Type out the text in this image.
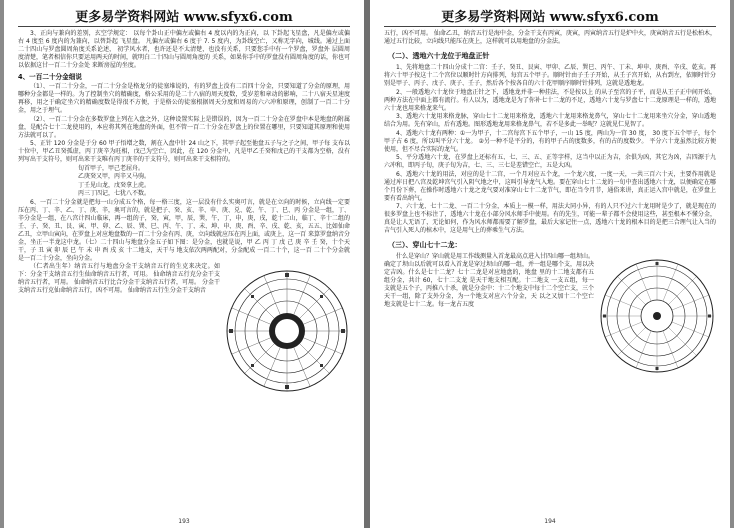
更多易学资料网站 www.sfyx6.com

3、正向与兼向的差别，玄空学规定： 以每个卦山正中偏左或偏右 4 度以内的为正向，以 下卦起飞星盘，凡是偏左或偏右 4 度至 6 度内的为兼向，以替卦起 飞星盘。 凡偏左或偏右 6 度于 7. 5 度内，为卦线空亡，又称无字向，城线。通过上面二十四山与罗盘圆周角度关系论述， 初学风水者，也许还是不太清楚，也没有关系，只要您手中有一个罗盘，罗盘外 层圆周度清楚，笔者相信你只要运用两天的时间，就明白二十四山与圆周角度的 关系，如果你手中的罗盘没有圆周角度的话，你也可以依据这甘一百二十分金处 来断房屋的坐度。

4、一百二十分金细说

（1）、一百二十分金，一百二十分金是格龙分的徒塞堆说的，有的罗盘上没有二百四十分金，只要知道了分金的原理，用哪种分金都是一样的。为了控制坐穴的精确度，格公采用的是二十八宿的周天度数，受岁差和章动的影响，二十八宿天星速度再移，用之于确定坐穴的精确度数是得很不方便，于是格公的徒塞根据周天分度和周易的六六冲和原理，创制了一百二十分金，用之于埋气。

（2）、一百二十分金在多数罗盘上列在入盘之外，这种设置实际上是错误的，因为一百二十分金在罗盘中本是地盘的附属盘，是配合七十二龙使用的，本应将其列在地盘的外面，但不管一百二十分金在罗盘上的位置在哪里，只要知道其原理和使用方法就可以了。

5、正针 120 分金是于分 60 甲子悟增之数，割在入盘中针 24 山之下，其甲子起至他盘五子与之子之间，甲子每 支布以十位中，甲乙丑癸孤虚，丙丁庚辛为旺相，戊己为空亡，因此，在 120 分金中，凡是甲乙壬癸和戊己的干支都为空格，没有列写出干支符号，则可出来干支唯有丙丁庚辛的干支符号，则可出来干支相符的。

旬首甲子，甲己老屈舟。

乙庚癸又甲，丙辛又马驹。

丁壬见山龙，戊癸拿上虎。

丙三丁四记，七犹八不数。

6、一百二十分金就是把每一山分成五个格，每一格三度，这一层没有什么实奥可言，就是在立向的时候，立向线一定要压在丙、丁、辛、乙、丁、庚、辛，奥可言的，就是把子、癸、亥、辛、申、庚、兑、乾、午、丁、巳、丙 分金是一组，丁、辛分金是一组，在八宫计四山临床，再一组的子，癸，寅，甲，辰，巽，午，丁，申，庚，戌，乾十二山，临丁、辛十二组的壬、子、癸、丑、艮、寅、甲、卯、乙、辰、巽、巳、丙、午、丁、未、坤、申、庚、酉、辛、戌、乾、亥，五五、比如仙命乙丑，立甲山寅向，在罗盘上对应地盘数的一百二十分金有丙、庚，立向线就应压在丙上面，或庚上，这一百 来算罗盘纳音分金，坐正一半龙这中龙。（七）二十四山与地盘分金五子如下图：是分金，也就是说，甲 乙 丙 丁 戊 己 庚 辛 壬 癸，十个天干，子 丑 寅 卯 辰 巳 午 未 申 酉 戌 亥 十二地支，天干与 地支依次两两配对，分金配成 一百二十个，这一百 二十个分金就是一百二十分金，坐向分金。

（仁者出生年）纳音五行与地盘分金干支纳音五行的生克来决定。如下：分金干支纳音五行生仙命纳音五行者，可用。 仙命纳音五行克分金干支纳音五行者，可用。 仙命纳音五行比合分金干支纳音五行者，可用。 分金干支纳音五行克仙命纳音五行，凶不可用。 仙命纳音五行生分金干支纳音

193
更多易学资料网站 www.sfyx6.com

五行，凶不可用。 仙命乙丑，纳音五行是海中金，分金干支有丙寅，庚寅，丙寅纳音五行是炉中火，庚寅纳音五行是松柏木，通过五行比较，立向线只能压在庚上，这样就可以用地盘的分金法。

（二）、透地六十龙位于地盘正针

1、先将地盘二十四山分成十二宫：壬子、癸丑、艮寅、甲卯、乙辰、巽巳、丙午、丁未、坤申、庚酉、辛戌、乾亥。再将六十甲子按这十二个宫位以顺时针方向排列，每宫五个甲子。顺时针由子壬子开始，从壬子宫开始，从右到左，依顺时针分别是甲子、丙子、戊子、庚子、壬子，然后各个按各自的六十花甲顺序顺时针排列，这就是透地龙。

2、一般透地六十龙位于地盘正针之下，透地龙并非一种挂法，不是按以上 的从子至宫的子平，而是从王子正中间开始，两种方法在中面上都有流行。有人以为，透地龙是为了你补七十二龙的不足，透地六十龙与罗盘七十二龙原理是一样的，透地六十龙也用来格龙来气。

3、透地六十龙用来格龙脉，穿山七十二龙用来格龙，透地六十龙用来格龙鼻气，穿山七十二龙用来坐穴分金，穿山透地结合为用。先有穿山，后有透地。图形透地龙用来格龙鼻气，若不是多此一举呢？这就见仁见智了。

4、透地六十龙有两种：①一为甲子，十二宫每宫下五个甲子，一山 15 度，两山为一宫 30 度， 30 度下五个甲子，每个甲子占 6 度，所以叫平分六十龙。 ②另一种不是平分的，有的甲子占的度数多，有的占的度数少。 平分六十龙虽然比较方便使用，但不尽合实际的龙气。

5、平分透地六十龙，在罗盘上还标有五、七、三、五、正等字样，这当中以正为吉，余俱为凶，其它为凶，吉四源于九六冲和，即丙子旬，庚子旬为吉，七、三、三七是差错空亡，五是大凶。

6、透地六十龙的用法，对应的是十二宫，一个月对应五个龙，一个龙六度，一度一天，一共三百六十天，主要作用就是通过库日把八宫及乾坤宫气引入阴气地之中，这叫引导龙气入地。要在穿山七十二龙的一旬中查出透地六十龙，以便确定在哪个月份下葬，在操作时透地六十龙之龙气要对准穿山七十二龙节气，即在当令月节，通俗来讲，真正运入宫中就是，在罗盘上要有看出纳气。

7、六十龙、七十二龙、一百二十分金，本质上一模一样，用法大同小异，有的人只不过六十龙用时是少了，就是现在的很多罗盘上也不标注了，透地六十龙在小部分风水师手中使用。有的先生，可能一辈子都不会使用这些，甚至根本不懂分金，真是让人无语了，无论如何，作为风水师都需要了解罗盘，最后大家记住一点，透地六十龙的根本目的是把三合理气让入当的吉气引入死人的棺木中，这是用气上的葬乘生气方法。

（三）、穿山七十二龙：

什么是穿山？穿山就是用工作线测量入首龙最高点进入甘四山哪一组坝山。 确定了坝山以后就可以看入首龙是穿过坝山的哪一组，并一组是哪个支，用以决定吉凶。什么是七十二龙？七十二龙是对应地盘的，地盘 里的十二地支都有五组分金，共计 60，七十二支龙 是天干地支相互配。十二地支 一支五组，每一支就是五个子，丙推八十杀，就是分金中：十二个地支中每十二个空亡支，三个天干一组，除了支外分金，为一个地支对应六个分金，天 以之又加十二个空亡地支就是七十二龙。每一龙占五度

194
